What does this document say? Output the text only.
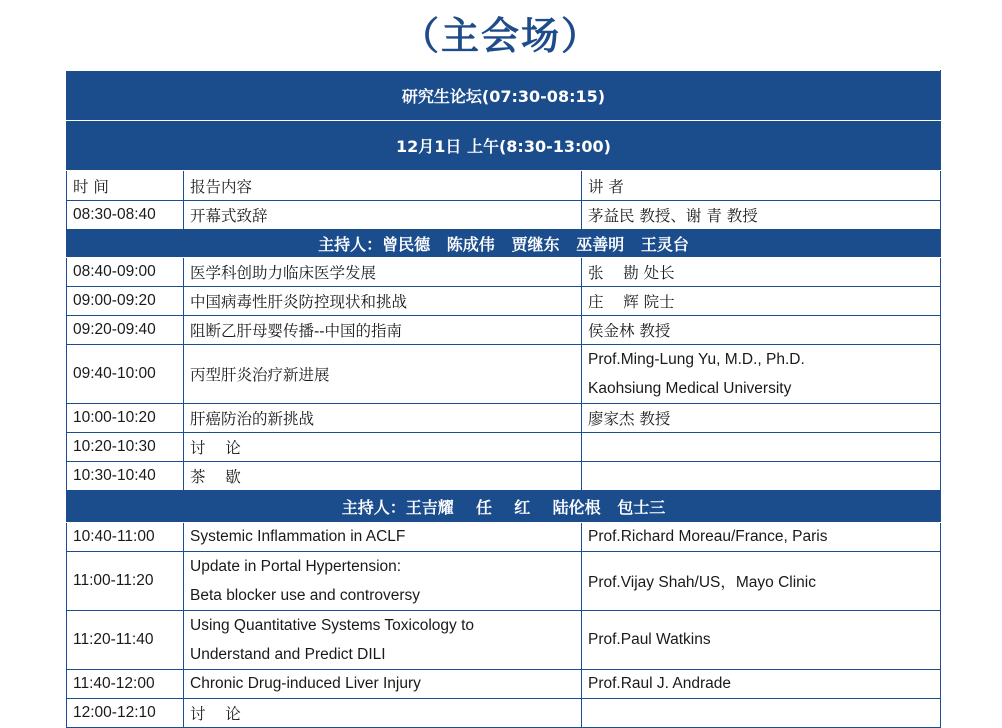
（主会场）
研究生论坛(07:30-08:15)		
12月1日 上午(8:30-13:00)		
时 间	报告内容	讲 者
08:30-08:40	开幕式致辞	茅益民 教授、谢 青 教授
主持人：曾民德   陈成伟   贾继东   巫善明   王灵台		
08:40-09:00	医学科创助力临床医学发展	张    勘 处长
09:00-09:20	中国病毒性肝炎防控现状和挑战	庄    辉 院士
09:20-09:40	阻断乙肝母婴传播--中国的指南	侯金林 教授
09:40-10:00	丙型肝炎治疗新进展	Prof.Ming-Lung Yu, M.D., Ph.D.
Kaohsiung Medical University

10:00-10:20	肝癌防治的新挑战	廖家杰 教授
10:20-10:30	讨    论	
10:30-10:40	茶    歇	
主持人：王吉耀    任    红    陆伦根   包士三		
10:40-11:00	Systemic Inflammation in ACLF	Prof.Richard Moreau/France, Paris
11:00-11:20	Update in Portal Hypertension:
Beta blocker use and controversy	Prof.Vijay Shah/US，Mayo Clinic
11:20-11:40	Using Quantitative Systems Toxicology to
Understand and Predict DILI	Prof.Paul Watkins
11:40-12:00	Chronic Drug-induced Liver Injury	Prof.Raul J. Andrade
12:00-12:10	讨    论	
